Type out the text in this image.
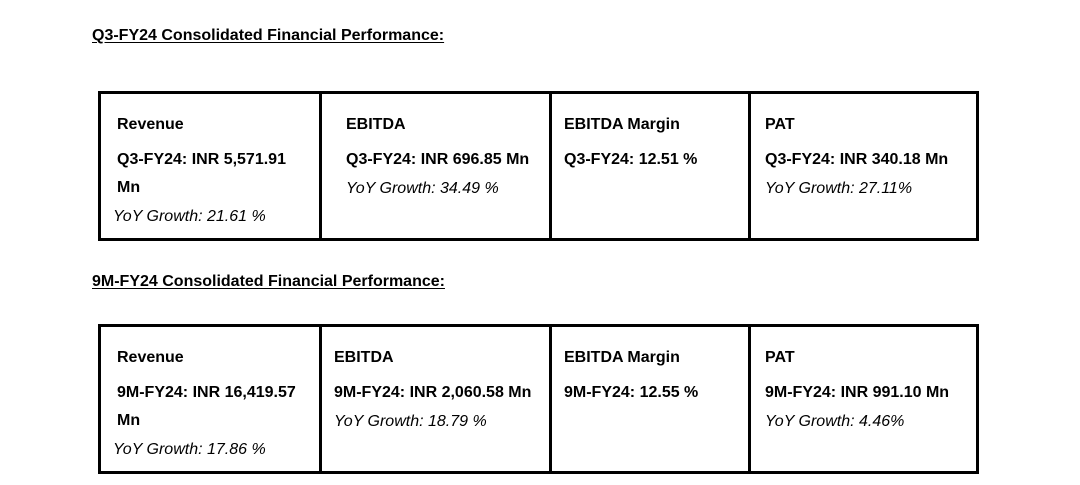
Q3-FY24 Consolidated Financial Performance:
Revenue
Q3-FY24: INR 5,571.91 Mn
YoY Growth: 21.61 %

EBITDA
Q3-FY24: INR 696.85 Mn
YoY Growth: 34.49 %

EBITDA Margin
Q3-FY24: 12.51 %

PAT
Q3-FY24: INR 340.18 Mn
YoY Growth: 27.11%
9M-FY24 Consolidated Financial Performance:
Revenue
9M-FY24: INR 16,419.57 Mn
YoY Growth: 17.86 %

EBITDA
9M-FY24: INR 2,060.58 Mn
YoY Growth: 18.79 %

EBITDA Margin
9M-FY24: 12.55 %

PAT
9M-FY24: INR 991.10 Mn
YoY Growth: 4.46%
